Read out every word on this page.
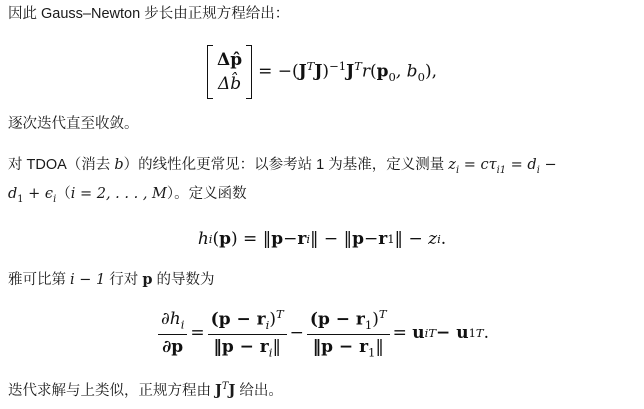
因此 Gauss–Newton 步长由正规方程给出：
Δp̂
Δb̂
= $-(J^TJ)^{-1}J^Tr(p_0$, $b_0$),
逐次迭代直至收敛。
对 TDOA（消去 b）的线性化更常见：以参考站 1 为基准，定义测量 $z_i = c\tau_{i1} = d_i$ −
$d_1 + \epsilon_i(i = 2$, . . . , M）。定义函数
h i ( p ) = ‖ p − r i ‖ − ‖ p − r 1 ‖ − z i .
雅可比第 i − 1 行对 p 的导数为
$\frac{\partial h_i}{\partial p} = \frac{(p - r_i)^T}{‖p - r_i‖} - \frac{(p - r_1)^T}{‖p - r_1‖}$ =
u i T − u 1 T .
迭代求解与上类似，正规方程由 $J^TJ$ 给出。
